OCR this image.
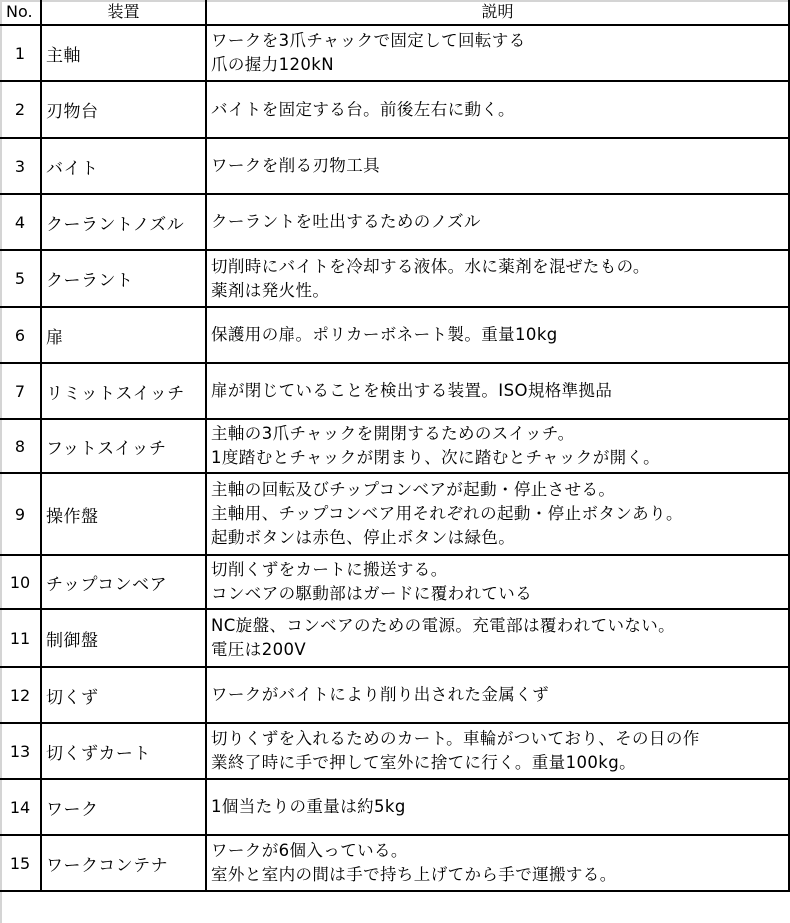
No.	装置	説明
1	主軸	ワークを3爪チャックで固定して回転する
爪の握力120kN

2	刃物台	バイトを固定する台。前後左右に動く。

3	バイト	ワークを削る刃物工具

4	クーラントノズル	クーラントを吐出するためのノズル

5	クーラント	切削時にバイトを冷却する液体。水に薬剤を混ぜたもの。
薬剤は発火性。

6	扉	保護用の扉。ポリカーボネート製。重量10kg

7	リミットスイッチ	扉が閉じていることを検出する装置。ISO規格準拠品

8	フットスイッチ	主軸の3爪チャックを開閉するためのスイッチ。
1度踏むとチャックが閉まり、次に踏むとチャックが開く。

9	操作盤	主軸の回転及びチップコンベアが起動・停止させる。
主軸用、チップコンベア用それぞれの起動・停止ボタンあり。
起動ボタンは赤色、停止ボタンは緑色。

10	チップコンベア	切削くずをカートに搬送する。
コンベアの駆動部はガードに覆われている

11	制御盤	NC旋盤、コンベアのための電源。充電部は覆われていない。
電圧は200V

12	切くず	ワークがバイトにより削り出された金属くず

13	切くずカート	切りくずを入れるためのカート。車輪がついており、その日の作
業終了時に手で押して室外に捨てに行く。重量100kg。

14	ワーク	1個当たりの重量は約5kg

15	ワークコンテナ	ワークが6個入っている。
室外と室内の間は手で持ち上げてから手で運搬する。
